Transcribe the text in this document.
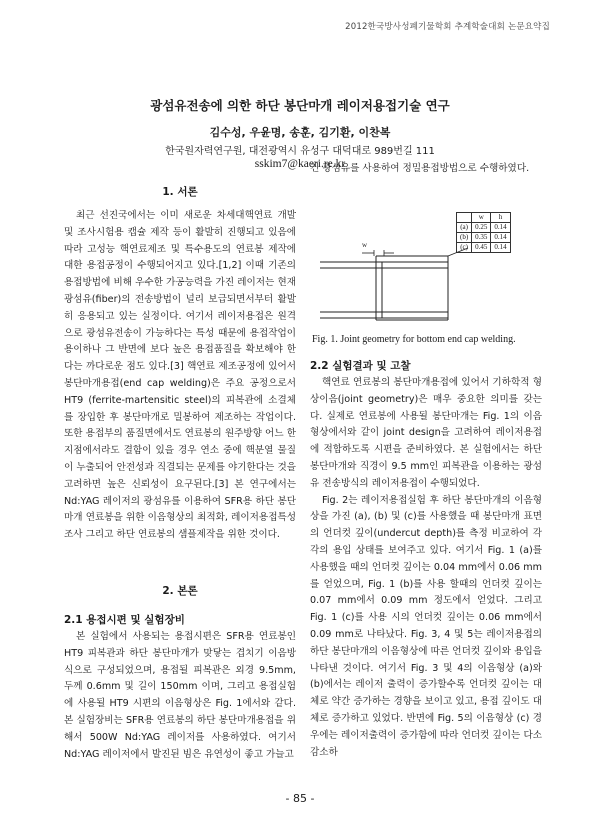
2012한국방사성폐기물학회 추계학술대회 논문요약집
광섬유전송에 의한 하단 봉단마개 레이저용접기술 연구
김수성, 우윤명, 송훈, 김기환, 이찬복
한국원자력연구원, 대전광역시 유성구 대덕대로 989번길 111
sskim7@kaeri.re.kr
1. 서론

최근 선진국에서는 이미 새로운 차세대핵연료 개발 및 조사시험용 캡슐 제작 등이 활발히 진행되고 있음에 따라 고성능 핵연료제조 및 특수용도의 연료봉 제작에 대한 용접공정이 수행되어지고 있다.[1,2] 이때 기존의 용접방법에 비해 우수한 가공능력을 가진 레이저는 현재 광섬유(fiber)의 전송방법이 널리 보급되면서부터 활발히 응용되고 있는 실정이다. 여기서 레이저용접은 원격으로 광섬유전송이 가능하다는 특성 때문에 용접작업이 용이하나 그 반면에 보다 높은 용접품질을 확보해야 한다는 까다로운 점도 있다.[3] 핵연료 제조공정에 있어서 봉단마개용접(end cap welding)은 주요 공정으로서 HT9 (ferrite-martensitic steel)의 피복관에 소결체를 장입한 후 봉단마개로 밀봉하여 제조하는 작업이다. 또한 용접부의 품질면에서도 연료봉의 원주방향 어느 한 지점에서라도 결함이 있을 경우 연소 중에 핵분열 물질이 누출되어 안전성과 직결되는 문제를 야기한다는 것을 고려하면 높은 신뢰성이 요구된다.[3] 본 연구에서는 Nd:YAG 레이저의 광섬유를 이용하여 SFR용 하단 봉단마개 연료봉을 위한 이음형상의 최적화, 레이저용접특성 조사 그리고 하단 연료봉의 샘플제작을 위한 것이다.

2. 본론
2.1 용접시편 및 실험장비

본 실험에서 사용되는 용접시편은 SFR용 연료봉인 HT9 피복관과 하단 봉단마개가 맞닿는 겹치기 이음방식으로 구성되었으며, 용접될 피복관은 외경 9.5mm, 두께 0.6mm 및 길이 150mm 이며, 그리고 용접실험에 사용될 HT9 시편의 이음형상은 Fig. 1에서와 같다. 본 실험장비는 SFR용 연료봉의 하단 봉단마개용접을 위해서 500W Nd:YAG 레이저를 사용하였다. 여기서 Nd:YAG 레이저에서 발진된 빔은 유연성이 좋고 가늘고

긴 광섬유를 사용하여 정밀용접방법으로 수행하였다.

	w	h
(a)	0.25	0.14
(b)	0.35	0.14
(c)	0.45	0.14
w
Fig. 1. Joint geometry for bottom end cap welding.
2.2 실험결과 및 고찰

핵연료 연료봉의 봉단마개용접에 있어서 기하학적 형상이음(joint geometry)은 매우 중요한 의미를 갖는다. 실제로 연료봉에 사용될 봉단마개는 Fig. 1의 이음형상에서와 같이 joint design을 고려하여 레이저용접에 적합하도록 시편을 준비하였다. 본 실험에서는 하단 봉단마개와 직경이 9.5 mm인 피복관을 이용하는 광섬유 전송방식의 레이저용접이 수행되었다.

Fig. 2는 레이저용접실험 후 하단 봉단마개의 이음형상을 가진 (a), (b) 및 (c)를 사용했을 때 봉단마개 표면의 언더컷 깊이(undercut depth)를 측정 비교하여 각각의 용입 상태를 보여주고 있다. 여기서 Fig. 1 (a)를 사용했을 때의 언더컷 깊이는 0.04 mm에서 0.06 mm를 얻었으며, Fig. 1 (b)를 사용 할때의 언더컷 깊이는 0.07 mm에서 0.09 mm 정도에서 얻었다. 그리고 Fig. 1 (c)를 사용 시의 언더컷 깊이는 0.06 mm에서 0.09 mm로 나타났다. Fig. 3, 4 및 5는 레이저용접의 하단 봉단마개의 이음형상에 따른 언더컷 깊이와 용입을 나타낸 것이다. 여기서 Fig. 3 및 4의 이음형상 (a)와 (b)에서는 레이저 출력이 증가할수록 언더컷 깊이는 대체로 약간 증가하는 경향을 보이고 있고, 용접 깊이도 대체로 증가하고 있었다. 반면에 Fig. 5의 이음형상 (c) 경우에는 레이저출력이 증가함에 따라 언더컷 깊이는 다소 감소하

- 85 -
